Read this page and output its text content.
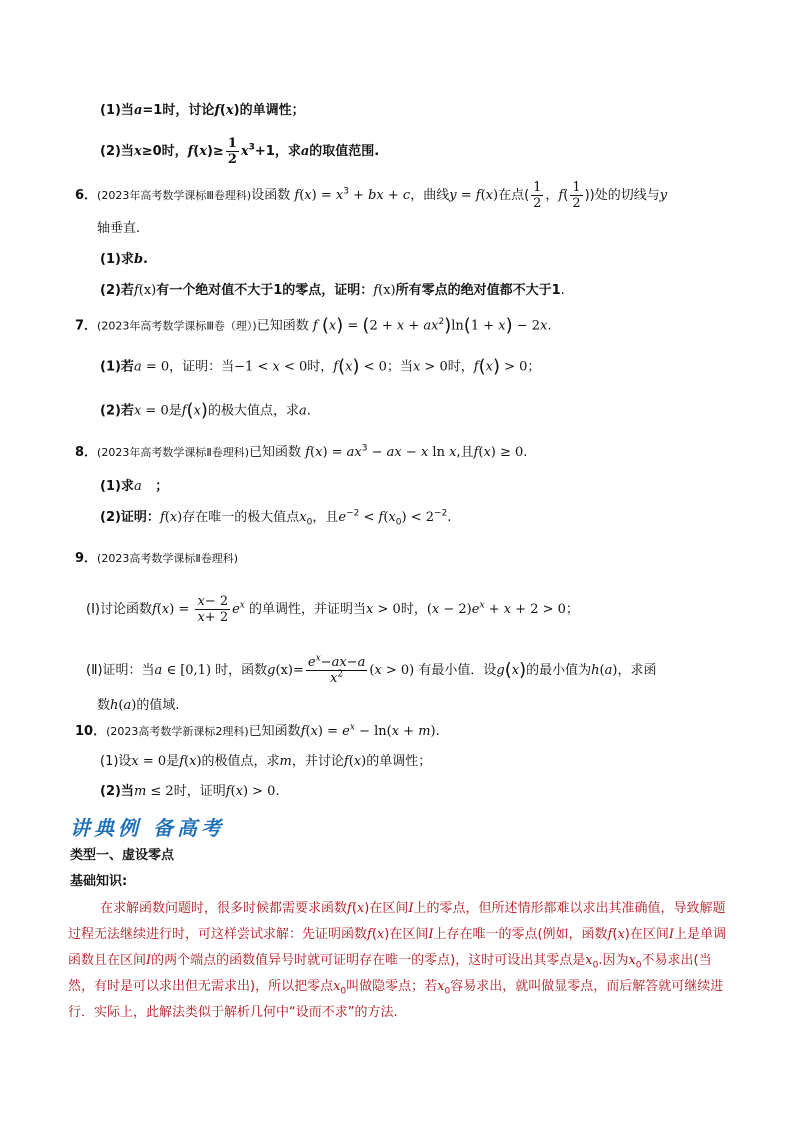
(1)当a=1时，讨论f(x)的单调性；
(2)当x≥0时，$f(x)\ge \frac{1}{2} x^3+1$，求a的取值范围.
6．(2023年高考数学课标Ⅲ卷理科)设函数 $f(x) = x^3$ + bx + c，曲线y = f(x)在点( $\frac{1}{2}$ ，$f( \frac{1}{2}$ ))处的切线与y
轴垂直.
(1)求b.
(2)若f(x)有一个绝对值不大于1的零点，证明：f(x)所有零点的绝对值都不大于1.
7．(2023年高考数学课标Ⅲ卷（理）)已知函数 f $(x) = (2 + x + ax^2)\ln(1 + x) - 2x$.
(1)若a = 0，证明：当−1 < x < 0时，f(x) < 0；当x > 0时，f(x) > 0；
(2)若x = 0是f(x)的极大值点，求a.
8．(2023年高考数学课标Ⅱ卷理科)已知函数 $f(x) = ax^3$ − ax − x ln x,且f(x) ≥ 0.
(1)求a   ；
(2)证明：f(x)存在唯一的极大值点$x_0$，且$e^{-2} < f(x_0) < 2^{-2}$.
9．(2023高考数学课标Ⅱ卷理科)
(Ⅰ)讨论函数$f(x) = \frac{x- 2}{x+ 2} e^x$ 的单调性，并证明当x > 0时，$(x - 2)e^x + x + 2 > 0$；
(Ⅱ)证明：当a ∈ [0,1) 时，函数$g(x)= \frac{e^x-ax-a}{x^2} (x > 0)$ 有最小值．设g(x)的最小值为h(a)，求函
数h(a)的值域.
10．(2023高考数学新课标2理科)已知函数$f(x) = e^x - \ln(x + m)$.
(1)设x = 0是f(x)的极值点，求m，并讨论f(x)的单调性；
(2)当m ≤ 2时，证明f(x) > 0.
讲典例 备高考
类型一、虚设零点
基础知识:
在求解函数问题时，很多时候都需要求函数f(x)在区间I上的零点，但所述情形都难以求出其准确值，导致解题过程无法继续进行时，可这样尝试求解：先证明函数f(x)在区间I上存在唯一的零点(例如，函数f(x)在区间I上是单调函数且在区间I的两个端点的函数值异号时就可证明存在唯一的零点)，这时可设出其零点是$x_0$.因为$x_0$不易求出(当然，有时是可以求出但无需求出)，所以把零点$x_0$叫做隐零点；若$x_0$容易求出，就叫做显零点，而后解答就可继续进行．实际上，此解法类似于解析几何中“设而不求”的方法.
